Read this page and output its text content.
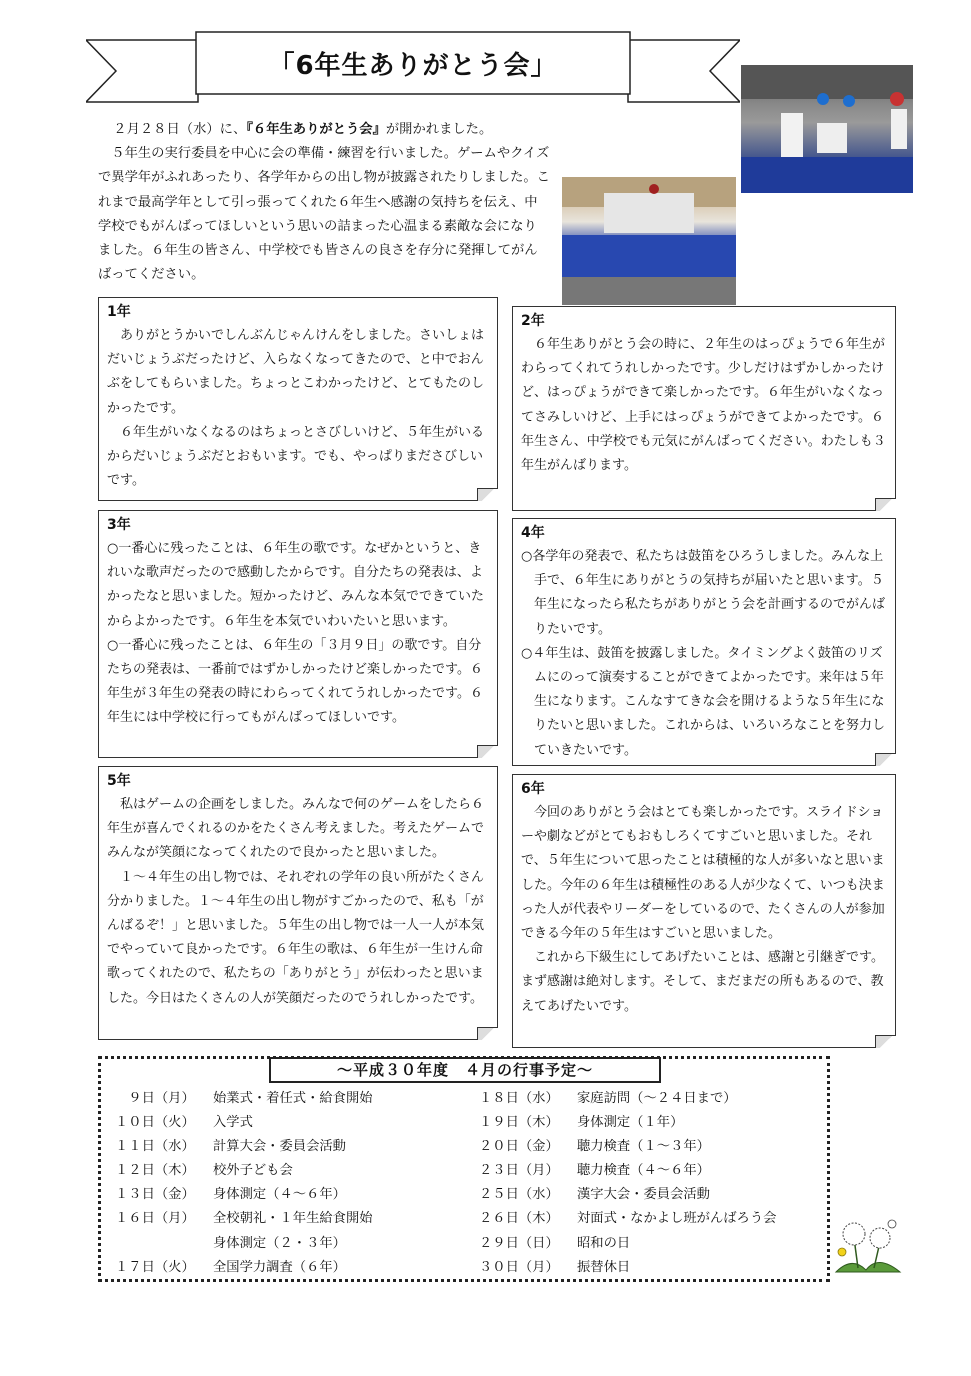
「6年生ありがとう会」

２月２８日（水）に、『６年生ありがとう会』が開かれました。

５年生の実行委員を中心に会の準備・練習を行いました。ゲームやクイズで異学年がふれあったり、各学年からの出し物が披露されたりしました。これまで最高学年として引っ張ってくれた６年生へ感謝の気持ちを伝え、中学校でもがんばってほしいという思いの詰まった心温まる素敵な会になりました。６年生の皆さん、中学校でも皆さんの良さを存分に発揮してがんばってください。

1年

ありがとうかいでしんぶんじゃんけんをしました。さいしょはだいじょうぶだったけど、入らなくなってきたので、と中でおんぶをしてもらいました。ちょっとこわかったけど、とてもたのしかったです。

６年生がいなくなるのはちょっとさびしいけど、５年生がいるからだいじょうぶだとおもいます。でも、やっぱりまださびしいです。

2年

６年生ありがとう会の時に、２年生のはっぴょうで６年生がわらってくれてうれしかったです。少しだけはずかしかったけど、はっぴょうができて楽しかったです。６年生がいなくなってさみしいけど、上手にはっぴょうができてよかったです。６年生さん、中学校でも元気にがんばってください。わたしも３年生がんばります。

3年

○一番心に残ったことは、６年生の歌です。なぜかというと、きれいな歌声だったので感動したからです。自分たちの発表は、よかったなと思いました。短かったけど、みんな本気でできていたからよかったです。６年生を本気でいわいたいと思います。

○一番心に残ったことは、６年生の「３月９日」の歌です。自分たちの発表は、一番前ではずかしかったけど楽しかったです。６年生が３年生の発表の時にわらってくれてうれしかったです。６年生には中学校に行ってもがんばってほしいです。

4年

○各学年の発表で、私たちは鼓笛をひろうしました。みんな上手で、６年生にありがとうの気持ちが届いたと思います。５年生になったら私たちがありがとう会を計画するのでがんばりたいです。

○４年生は、鼓笛を披露しました。タイミングよく鼓笛のリズムにのって演奏することができてよかったです。来年は５年生になります。こんなすてきな会を開けるような５年生になりたいと思いました。これからは、いろいろなことを努力していきたいです。

5年

私はゲームの企画をしました。みんなで何のゲームをしたら６年生が喜んでくれるのかをたくさん考えました。考えたゲームでみんなが笑顔になってくれたので良かったと思いました。

１～４年生の出し物では、それぞれの学年の良い所がたくさん分かりました。１～４年生の出し物がすごかったので、私も「がんばるぞ！」と思いました。５年生の出し物では一人一人が本気でやっていて良かったです。６年生の歌は、６年生が一生けん命歌ってくれたので、私たちの「ありがとう」が伝わったと思いました。今日はたくさんの人が笑顔だったのでうれしかったです。

6年

今回のありがとう会はとても楽しかったです。スライドショーや劇などがとてもおもしろくてすごいと思いました。それで、５年生について思ったことは積極的な人が多いなと思いました。今年の６年生は積極性のある人が少なくて、いつも決まった人が代表やリーダーをしているので、たくさんの人が参加できる今年の５年生はすごいと思いました。

これから下級生にしてあげたいことは、感謝と引継ぎです。まず感謝は絶対します。そして、まだまだの所もあるので、教えてあげたいです。

～平成３０年度　４月の行事予定～
　９日（月） 始業式・着任式・給食開始
１０日（火） 入学式
１１日（水） 計算大会・委員会活動
１２日（木） 校外子ども会
１３日（金） 身体測定（４～６年）
１６日（月） 全校朝礼・１年生給食開始
身体測定（２・３年）
１７日（火） 全国学力調査（６年）
１８日（水） 家庭訪問（～２４日まで）
１９日（木） 身体測定（１年）
２０日（金） 聴力検査（１～３年）
２３日（月） 聴力検査（４～６年）
２５日（水） 漢字大会・委員会活動
２６日（木） 対面式・なかよし班がんばろう会
２９日（日） 昭和の日
３０日（月） 振替休日
